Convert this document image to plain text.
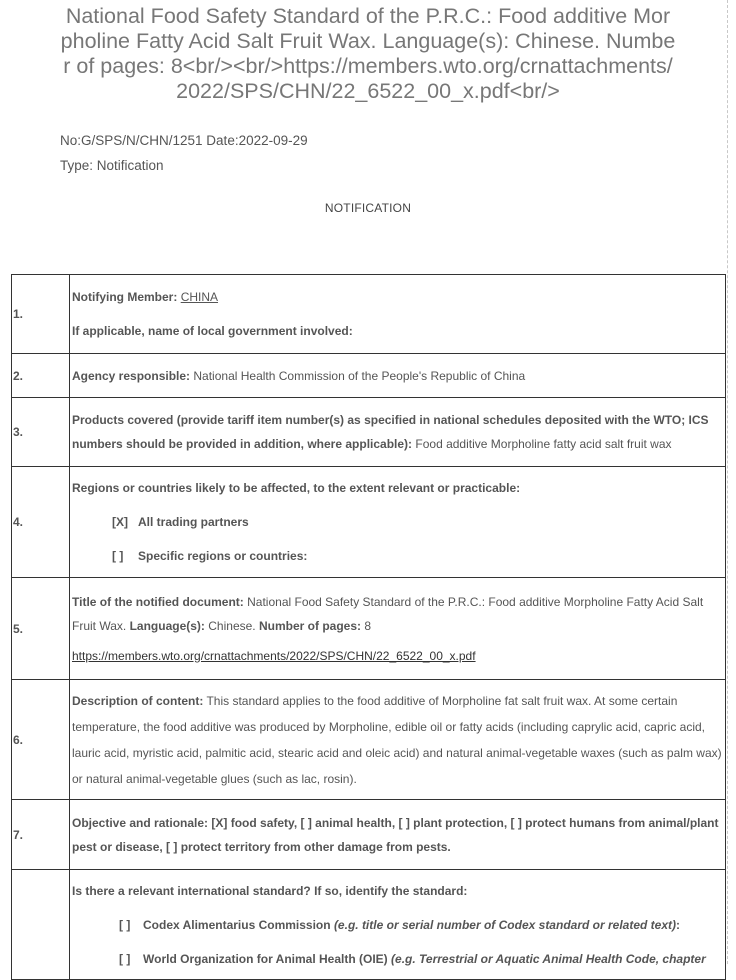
National Food Safety Standard of the P.R.C.: Food additive Morpholine Fatty Acid Salt Fruit Wax. Language(s): Chinese. Number of pages: 8<br/><br/>https://members.wto.org/crnattachments/2022/SPS/CHN/22_6522_00_x.pdf<br/>
No:G/SPS/N/CHN/1251 Date:2022-09-29
Type: Notification
NOTIFICATION
1.	Notifying Member: CHINA

If applicable, name of local government involved:

2.	Agency responsible: National Health Commission of the People's Republic of China
3.	Products covered (provide tariff item number(s) as specified in national schedules deposited with the WTO; ICS numbers should be provided in addition, where applicable): Food additive Morpholine fatty acid salt fruit wax
4.	Regions or countries likely to be affected, to the extent relevant or practicable:

[X] All trading partners

[ ] Specific regions or countries:

5.	Title of the notified document: National Food Safety Standard of the P.R.C.: Food additive Morpholine Fatty Acid Salt Fruit Wax. Language(s): Chinese. Number of pages: 8

https://members.wto.org/crnattachments/2022/SPS/CHN/22_6522_00_x.pdf

6.	Description of content: This standard applies to the food additive of Morpholine fat salt fruit wax. At some certain temperature, the food additive was produced by Morpholine, edible oil or fatty acids (including caprylic acid, capric acid, lauric acid, myristic acid, palmitic acid, stearic acid and oleic acid) and natural animal-vegetable waxes (such as palm wax) or natural animal-vegetable glues (such as lac, rosin).
7.	Objective and rationale: [X] food safety, [ ] animal health, [ ] plant protection, [ ] protect humans from animal/plant pest or disease, [ ] protect territory from other damage from pests.

	Is there a relevant international standard? If so, identify the standard:

[ ] Codex Alimentarius Commission (e.g. title or serial number of Codex standard or related text):

[ ] World Organization for Animal Health (OIE) (e.g. Terrestrial or Aquatic Animal Health Code, chapter
